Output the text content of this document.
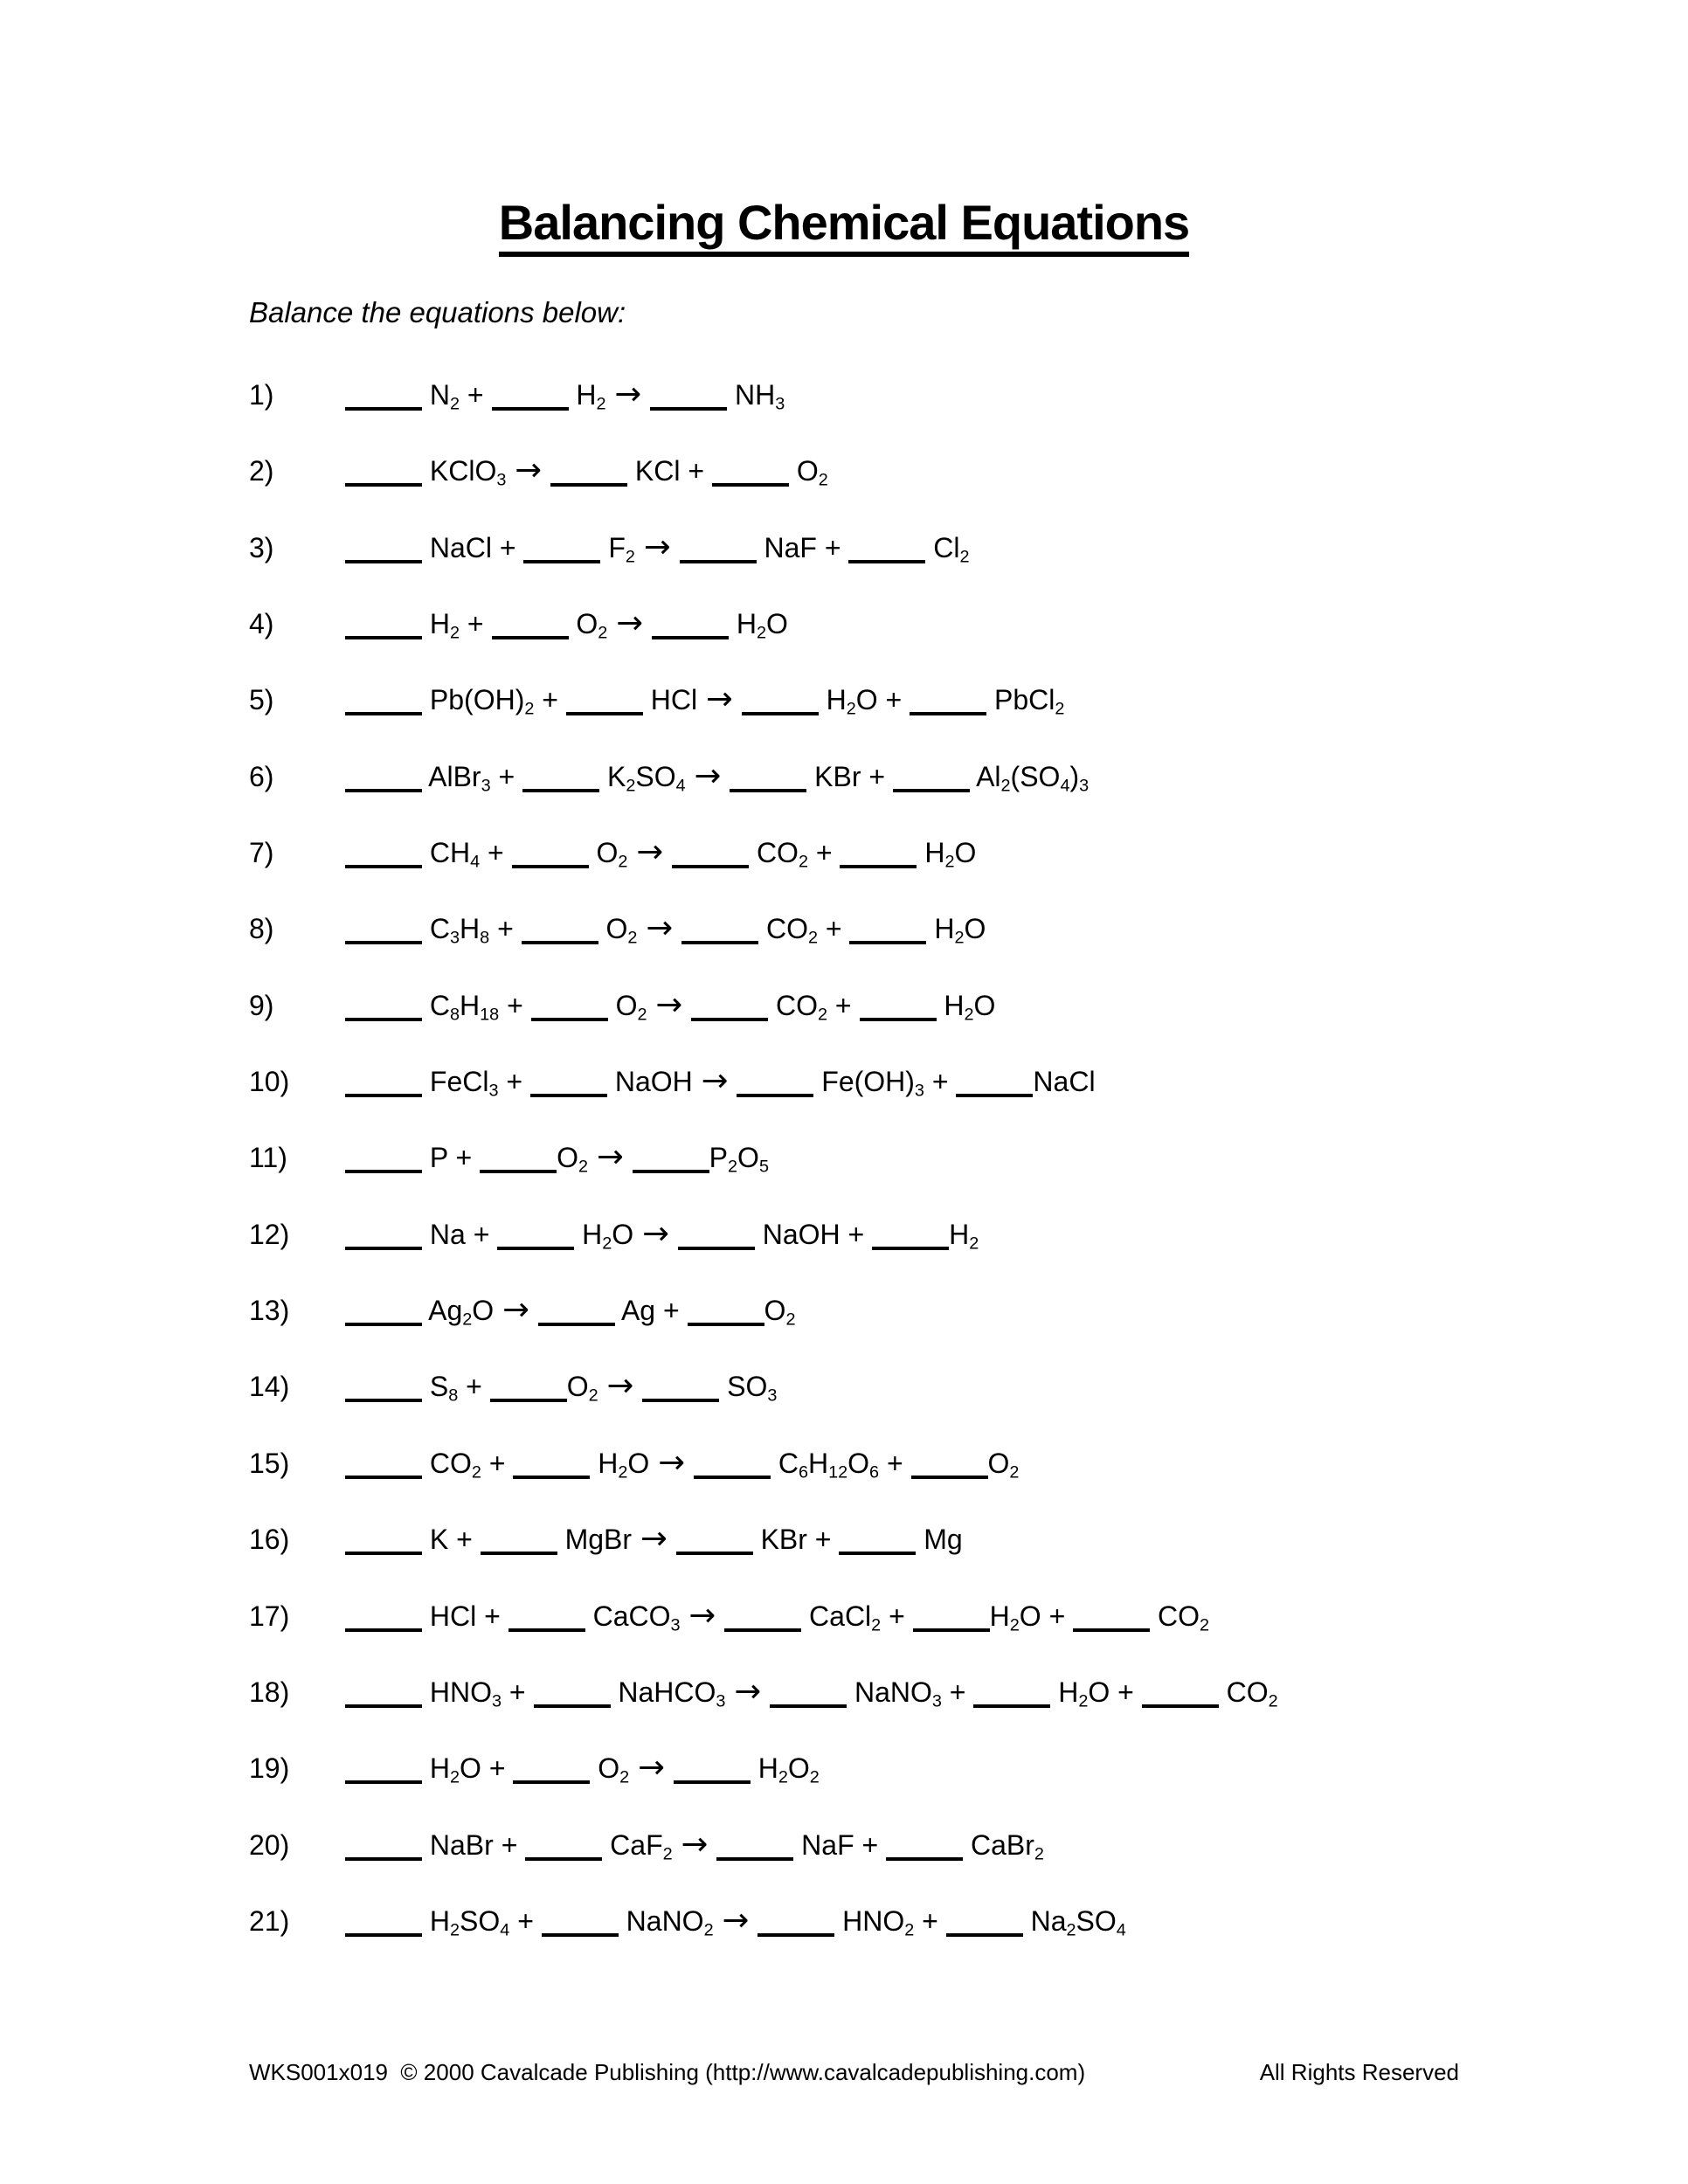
Balancing Chemical Equations
Balance the equations below:
1)	$N_2$ +	$H_2$ →	$NH_3$
2)	KClO$_3$ →	KCl +	$O_2$
3)	NaCl +	$F_2$ →	NaF +	$Cl_2$
4)	$H_2$ +	$O_2$ →	$H_2O$
5)	$Pb(OH)_2$ +	HCl →	$H_2O$ +	PbCl$_2$
6)	AlBr$_3$ +	$K_2SO_4$ →	KBr +	$Al_2(SO_4)_3$
7)	$CH_4$ +	$O_2$ →	$CO_2$ +	$H_2O$
8)	$C_3H_8$ +	$O_2$ →	$CO_2$ +	$H_2O$
9)	$C_8H_{18}$ +	$O_2$ →	$CO_2$ +	$H_2O$
10)	FeCl$_3$ +	NaOH →	$Fe(OH)_3$ +	NaCl
11)	P +	$O_2$ →	$P_2O_5$
12)	Na +	$H_2O$ →	NaOH +	$H_2$
13)	$Ag_2O$ →	Ag +	$O_2$
14)	$S_8$ +	$O_2$ →	$SO_3$
15)	$CO_2$ +	$H_2O$ →	$C_6H_{12}O_6$ +	$O_2$
16)	K +	MgBr →	KBr +	Mg
17)	HCl +	CaCO$_3$ →	CaCl$_2$ +	$H_2O$ +	$CO_2$
18)	$HNO_3$ +	NaHCO$_3$ →	NaNO$_3$ +	$H_2O$ +	$CO_2$
19)	$H_2O$ +	$O_2$ →	$H_2O_2$
20)	NaBr +	CaF$_2$ →	NaF +	CaBr$_2$
21)	$H_2SO_4$ +	NaNO$_2$ →	$HNO_2$ +	$Na_2SO_4$
WKS001x019  © 2000 Cavalcade Publishing (http://www.cavalcadepublishing.com)	All Rights Reserved
